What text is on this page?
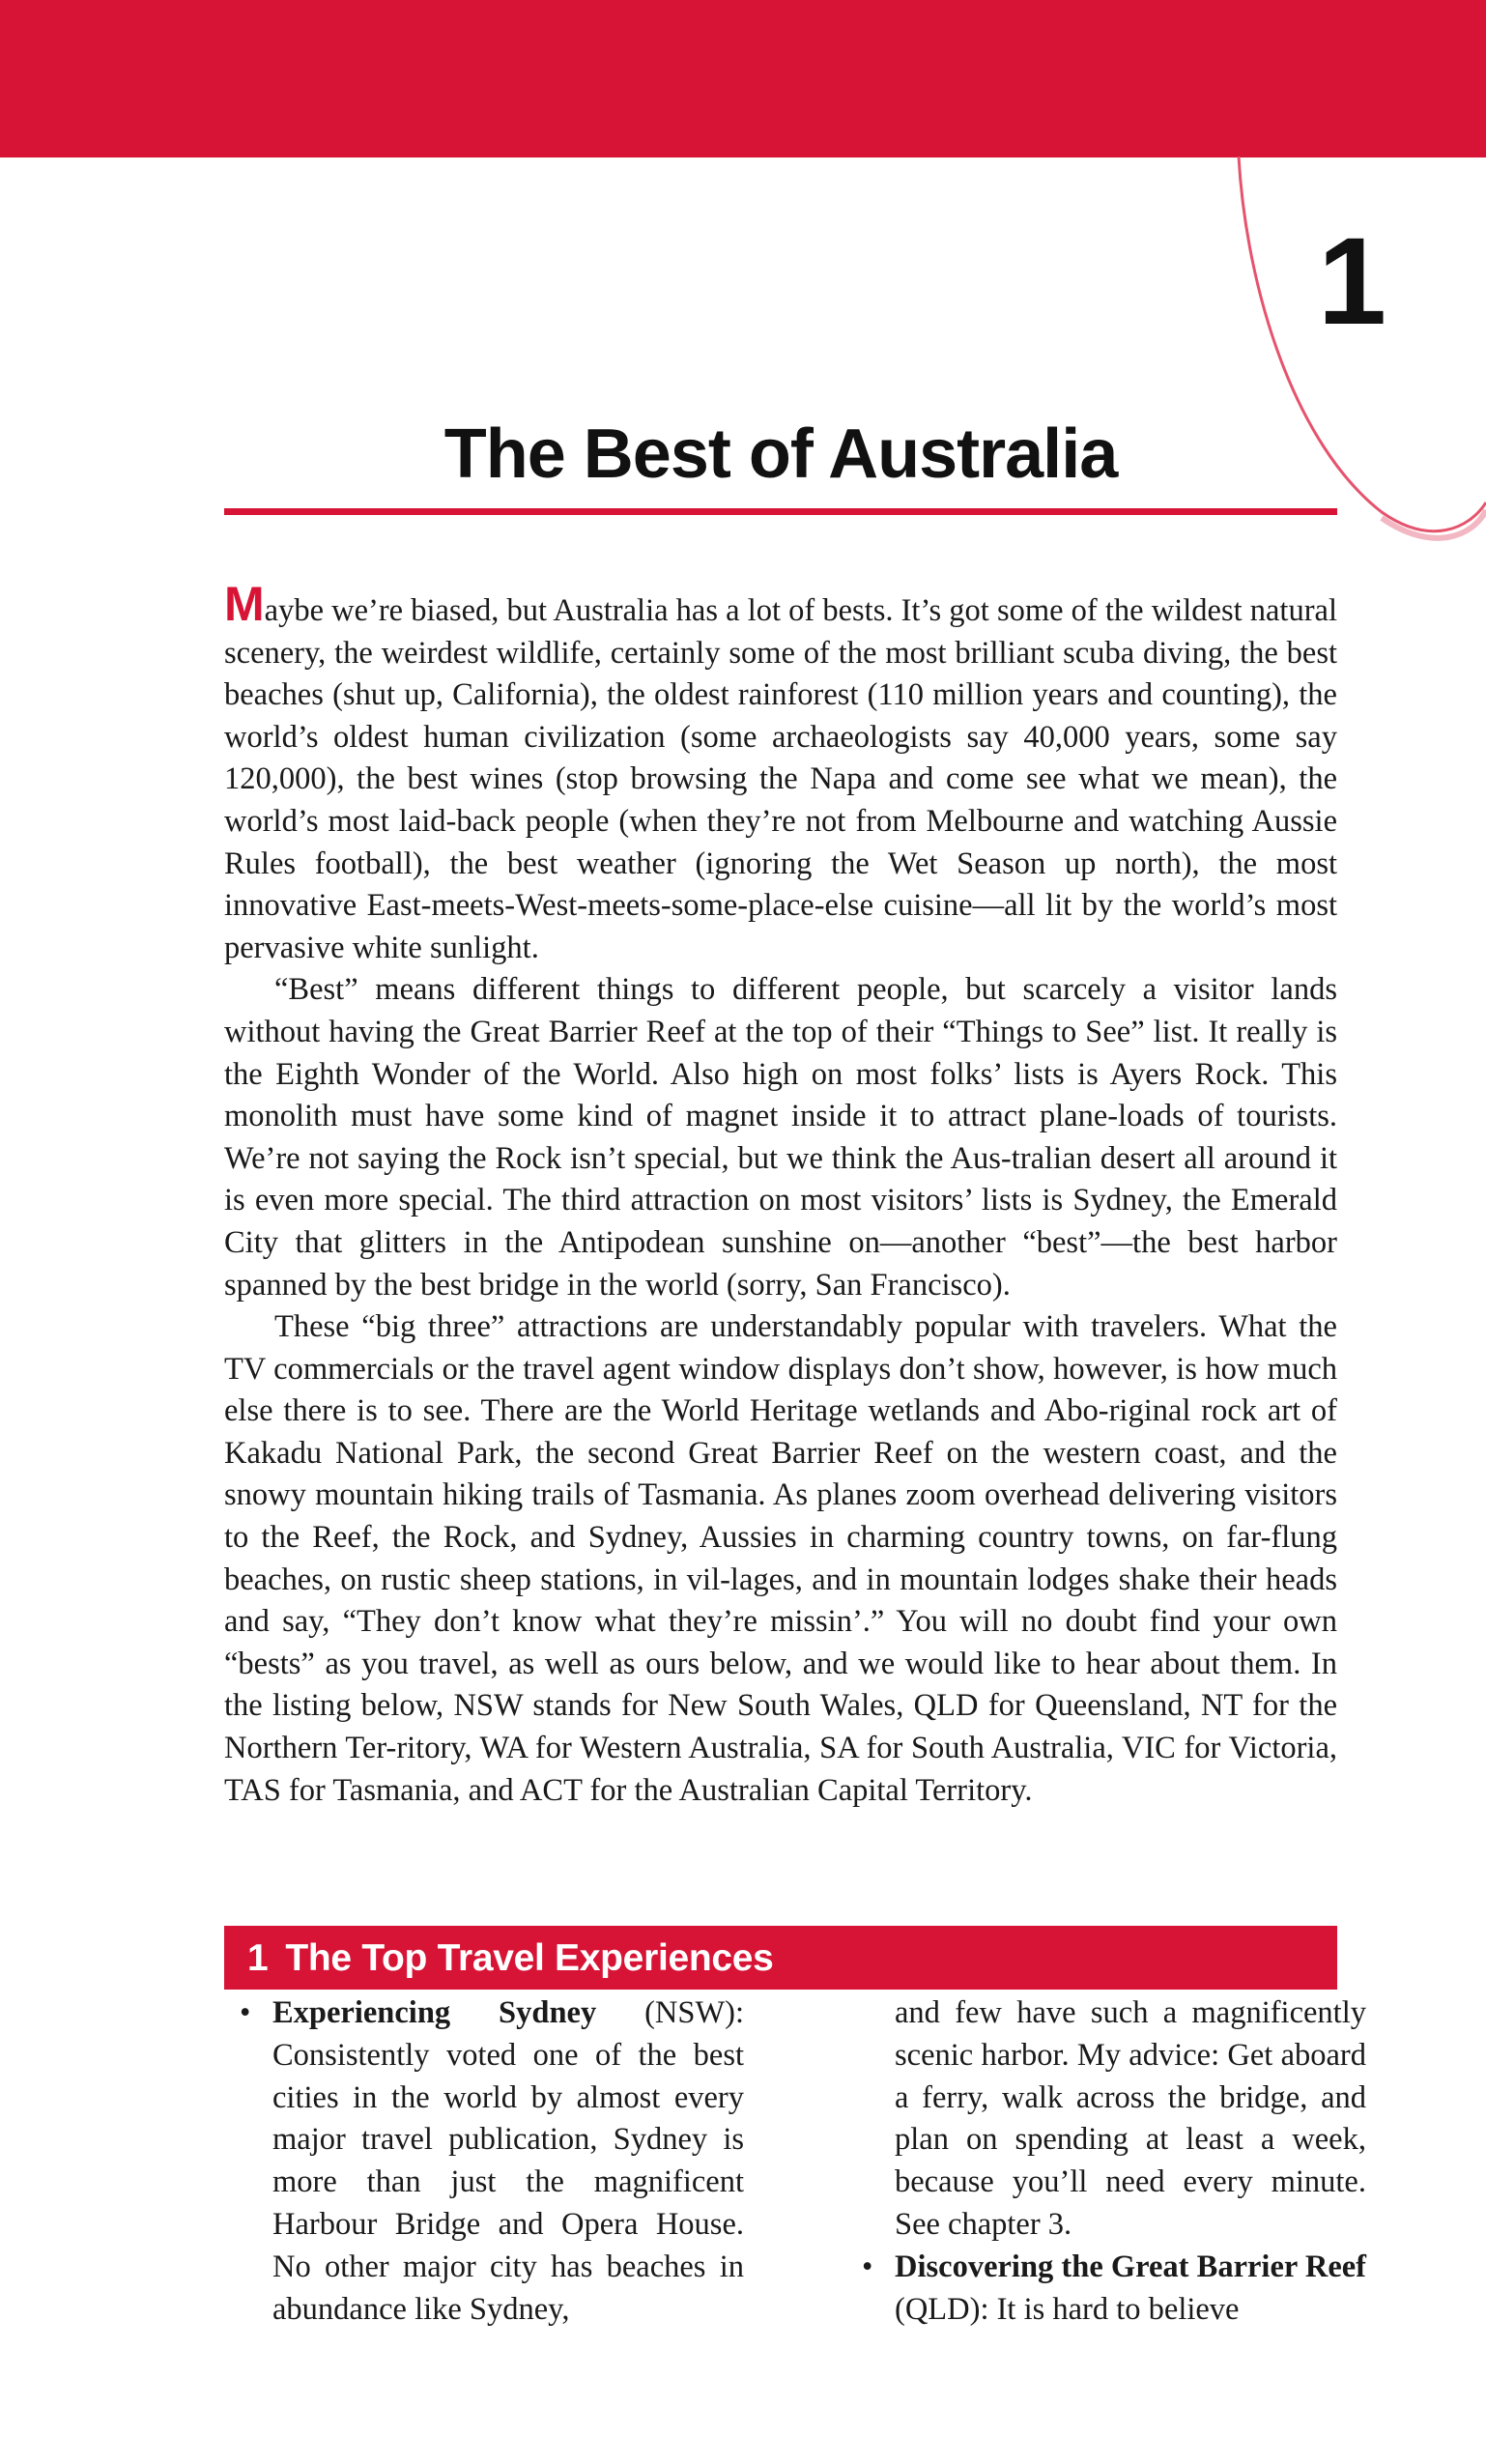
1
The Best of Australia

Maybe we’re biased, but Australia has a lot of bests. It’s got some of the wildest natural scenery, the weirdest wildlife, certainly some of the most brilliant scuba diving, the best beaches (shut up, California), the oldest rainforest (110 million years and counting), the world’s oldest human civilization (some archaeologists say 40,000 years, some say 120,000), the best wines (stop browsing the Napa and come see what we mean), the world’s most laid-back people (when they’re not from Melbourne and watching Aussie Rules football), the best weather (ignoring the Wet Season up north), the most innovative East-meets-West-meets-some-place-else cuisine—all lit by the world’s most pervasive white sunlight.

“Best” means different things to different people, but scarcely a visitor lands without having the Great Barrier Reef at the top of their “Things to See” list. It really is the Eighth Wonder of the World. Also high on most folks’ lists is Ayers Rock. This monolith must have some kind of magnet inside it to attract plane-loads of tourists. We’re not saying the Rock isn’t special, but we think the Aus-tralian desert all around it is even more special. The third attraction on most visitors’ lists is Sydney, the Emerald City that glitters in the Antipodean sunshine on—another “best”—the best harbor spanned by the best bridge in the world (sorry, San Francisco).

These “big three” attractions are understandably popular with travelers. What the TV commercials or the travel agent window displays don’t show, however, is how much else there is to see. There are the World Heritage wetlands and Abo-riginal rock art of Kakadu National Park, the second Great Barrier Reef on the western coast, and the snowy mountain hiking trails of Tasmania. As planes zoom overhead delivering visitors to the Reef, the Rock, and Sydney, Aussies in charming country towns, on far-flung beaches, on rustic sheep stations, in vil-lages, and in mountain lodges shake their heads and say, “They don’t know what they’re missin’.” You will no doubt find your own “bests” as you travel, as well as ours below, and we would like to hear about them. In the listing below, NSW stands for New South Wales, QLD for Queensland, NT for the Northern Ter-ritory, WA for Western Australia, SA for South Australia, VIC for Victoria, TAS for Tasmania, and ACT for the Australian Capital Territory.

1 The Top Travel Experiences

• Experiencing Sydney (NSW): Consistently voted one of the best cities in the world by almost every major travel publication, Sydney is more than just the magnificent Harbour Bridge and Opera House. No other major city has beaches in abundance like Sydney,

and few have such a magnificently scenic harbor. My advice: Get aboard a ferry, walk across the bridge, and plan on spending at least a week, because you’ll need every minute. See chapter 3.

• Discovering the Great Barrier Reef (QLD): It is hard to believe
